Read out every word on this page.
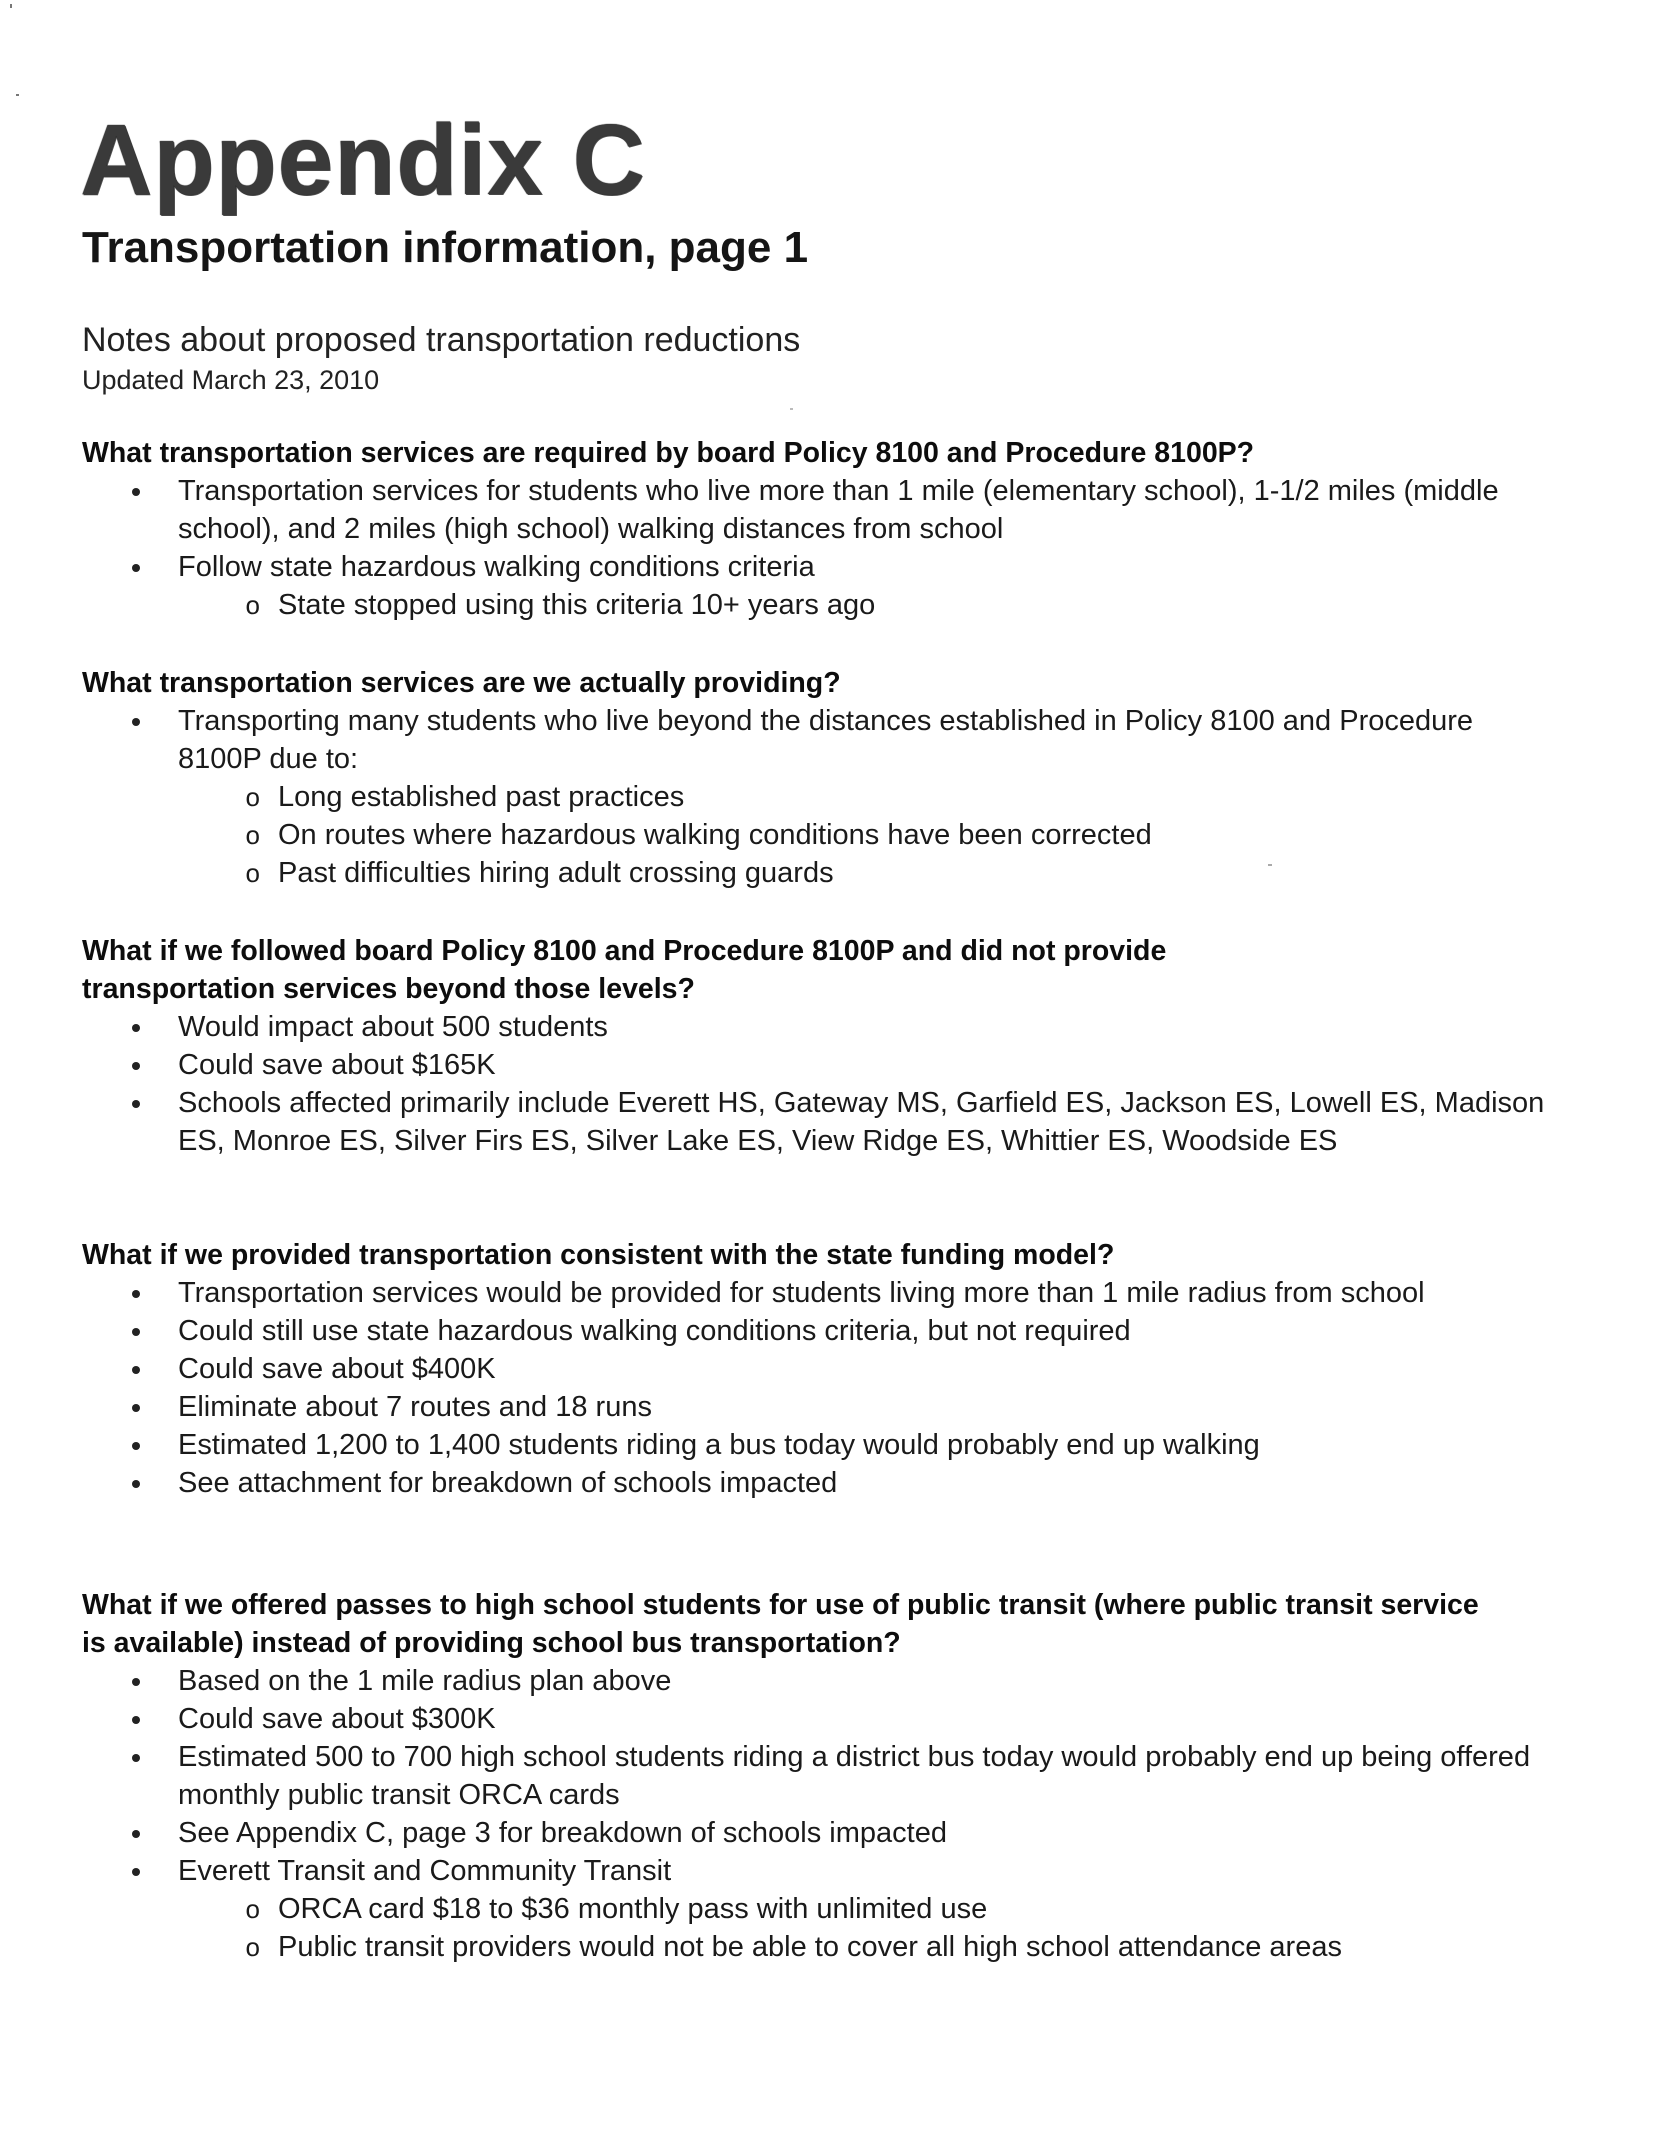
Appendix C
Transportation information, page 1
Notes about proposed transportation reductions
Updated March 23, 2010

What transportation services are required by board Policy 8100 and Procedure 8100P?

Transportation services for students who live more than 1 mile (elementary school), 1-1/2 miles (middle school), and 2 miles (high school) walking distances from school
Follow state hazardous walking conditions criteria
o State stopped using this criteria 10+ years ago

What transportation services are we actually providing?

Transporting many students who live beyond the distances established in Policy 8100 and Procedure 8100P due to:
o Long established past practices
o On routes where hazardous walking conditions have been corrected
o Past difficulties hiring adult crossing guards

What if we followed board Policy 8100 and Procedure 8100P and did not provide transportation services beyond those levels?

Would impact about 500 students
Could save about $165K
Schools affected primarily include Everett HS, Gateway MS, Garfield ES, Jackson ES, Lowell ES, Madison ES, Monroe ES, Silver Firs ES, Silver Lake ES, View Ridge ES, Whittier ES, Woodside ES

What if we provided transportation consistent with the state funding model?

Transportation services would be provided for students living more than 1 mile radius from school
Could still use state hazardous walking conditions criteria, but not required
Could save about $400K
Eliminate about 7 routes and 18 runs
Estimated 1,200 to 1,400 students riding a bus today would probably end up walking
See attachment for breakdown of schools impacted

What if we offered passes to high school students for use of public transit (where public transit service is available) instead of providing school bus transportation?

Based on the 1 mile radius plan above
Could save about $300K
Estimated 500 to 700 high school students riding a district bus today would probably end up being offered monthly public transit ORCA cards
See Appendix C, page 3 for breakdown of schools impacted
Everett Transit and Community Transit
o ORCA card $18 to $36 monthly pass with unlimited use
o Public transit providers would not be able to cover all high school attendance areas
